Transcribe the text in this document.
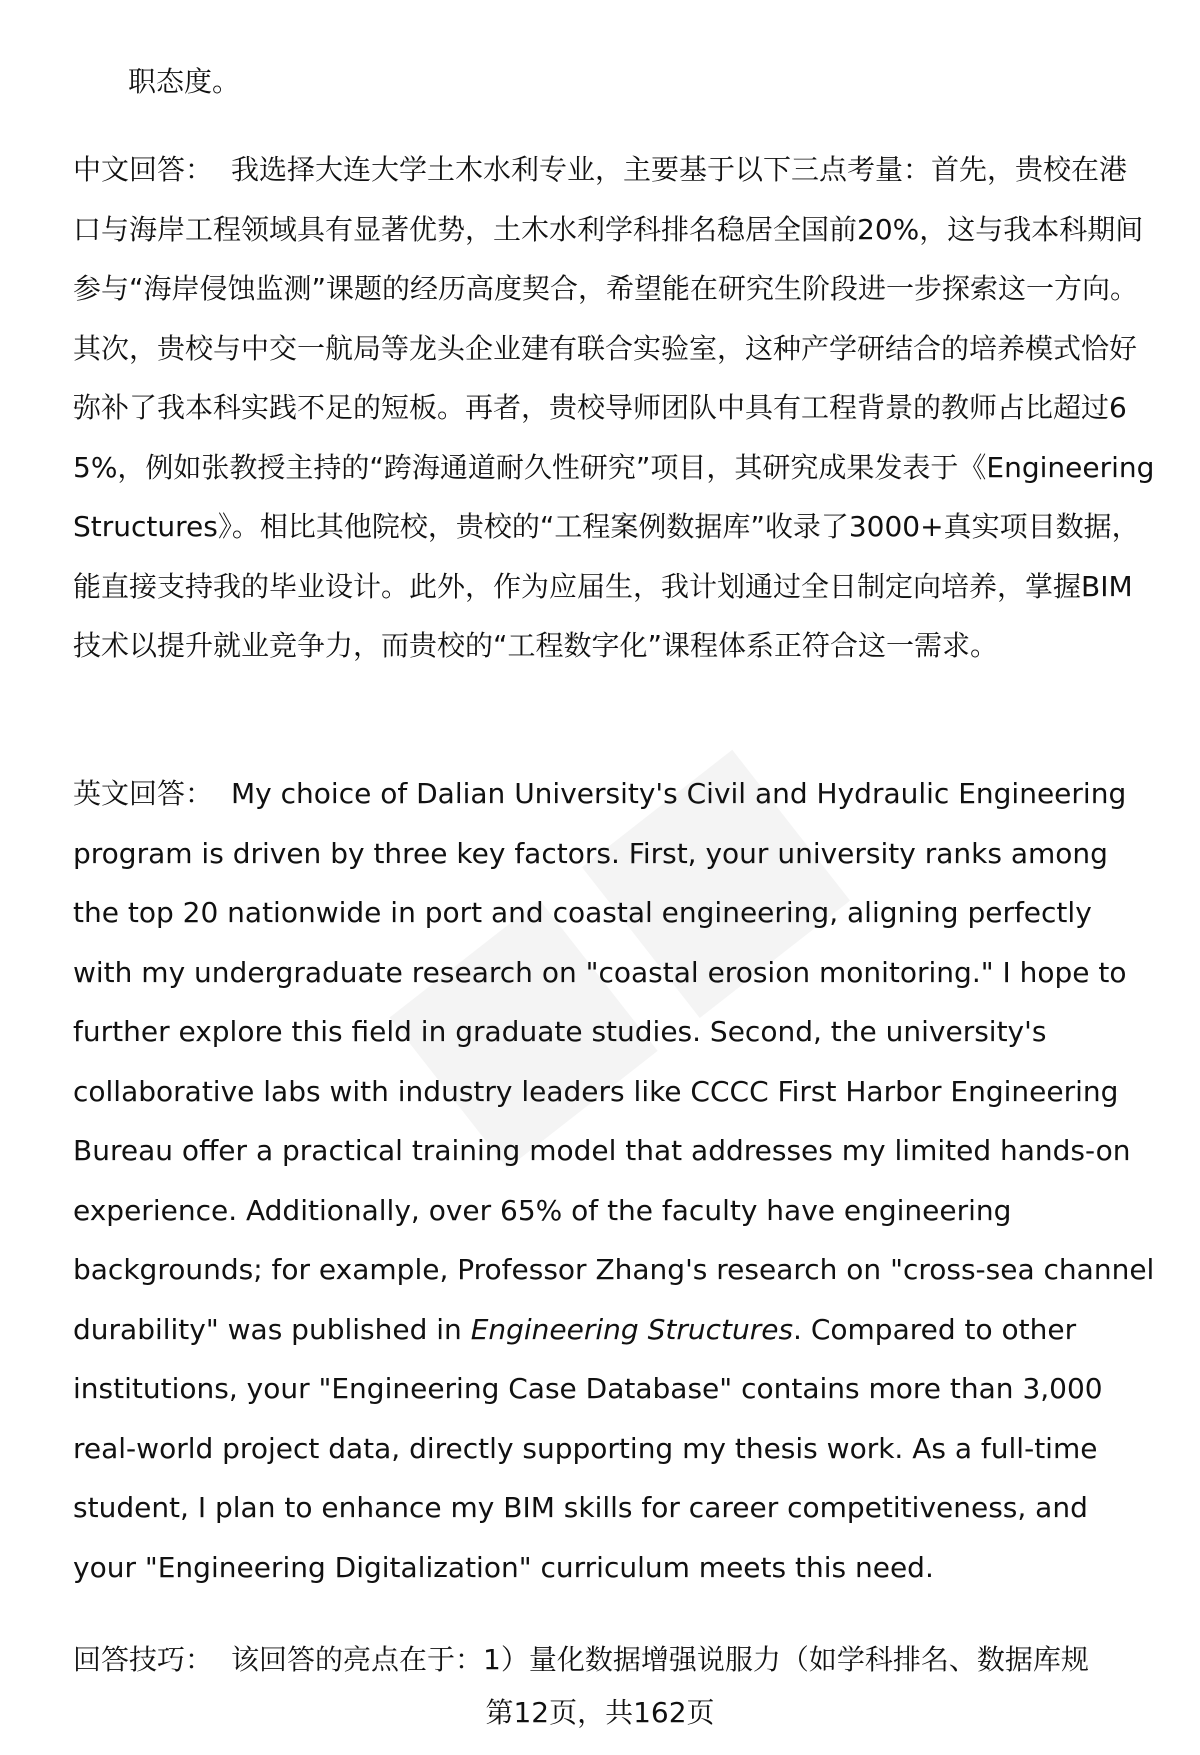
职态度。

中文回答： 我选择大连大学土木水利专业，主要基于以下三点考量：首先，贵校在港口与海岸工程领域具有显著优势，土木水利学科排名稳居全国前20%，这与我本科期间参与“海岸侵蚀监测”课题的经历高度契合，希望能在研究生阶段进一步探索这一方向。其次，贵校与中交一航局等龙头企业建有联合实验室，这种产学研结合的培养模式恰好弥补了我本科实践不足的短板。再者，贵校导师团队中具有工程背景的教师占比超过65%，例如张教授主持的“跨海通道耐久性研究”项目，其研究成果发表于《Engineering Structures》。相比其他院校，贵校的“工程案例数据库”收录了3000+真实项目数据，能直接支持我的毕业设计。此外，作为应届生，我计划通过全日制定向培养，掌握BIM技术以提升就业竞争力，而贵校的“工程数字化”课程体系正符合这一需求。

英文回答： My choice of Dalian University's Civil and Hydraulic Engineering program is driven by three key factors. First, your university ranks among the top 20 nationwide in port and coastal engineering, aligning perfectly with my undergraduate research on "coastal erosion monitoring." I hope to further explore this field in graduate studies. Second, the university's collaborative labs with industry leaders like CCCC First Harbor Engineering Bureau offer a practical training model that addresses my limited hands-on experience. Additionally, over 65% of the faculty have engineering backgrounds; for example, Professor Zhang's research on "cross-sea channel durability" was published in Engineering Structures. Compared to other institutions, your "Engineering Case Database" contains more than 3,000 real-world project data, directly supporting my thesis work. As a full-time student, I plan to enhance my BIM skills for career competitiveness, and your "Engineering Digitalization" curriculum meets this need.

回答技巧： 该回答的亮点在于：1）量化数据增强说服力（如学科排名、数据库规

第12页，共162页
